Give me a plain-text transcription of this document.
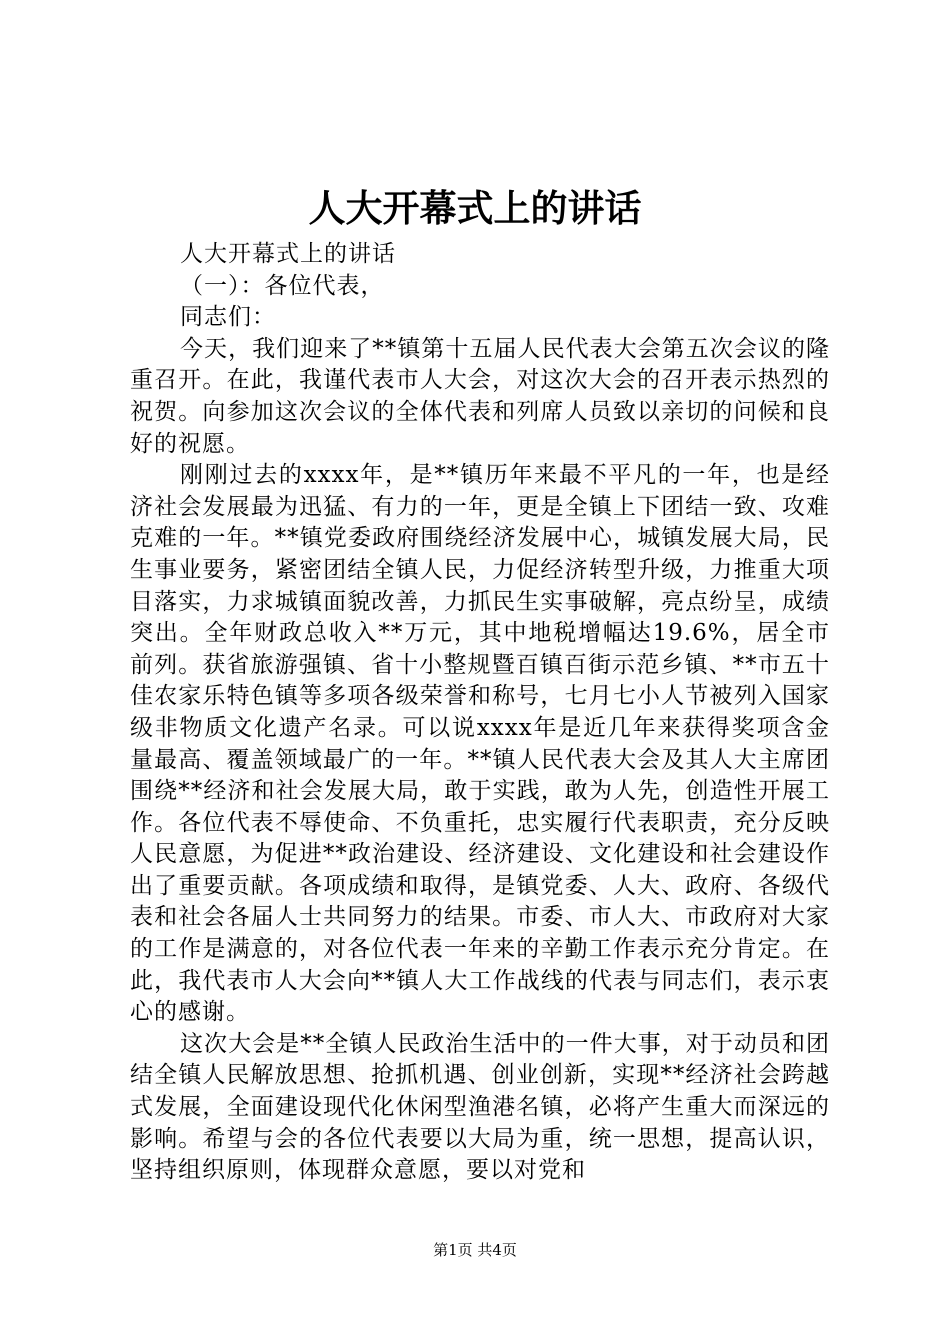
人大开幕式上的讲话

人大开幕式上的讲话

（一）：各位代表，

同志们：

今天，我们迎来了**镇第十五届人民代表大会第五次会议的隆重召开。在此，我谨代表市人大会，对这次大会的召开表示热烈的祝贺。向参加这次会议的全体代表和列席人员致以亲切的问候和良好的祝愿。

刚刚过去的xxxx年，是**镇历年来最不平凡的一年，也是经济社会发展最为迅猛、有力的一年，更是全镇上下团结一致、攻难克难的一年。**镇党委政府围绕经济发展中心，城镇发展大局，民生事业要务，紧密团结全镇人民，力促经济转型升级，力推重大项目落实，力求城镇面貌改善，力抓民生实事破解，亮点纷呈，成绩突出。全年财政总收入**万元，其中地税增幅达19.6%，居全市前列。获省旅游强镇、省十小整规暨百镇百街示范乡镇、**市五十佳农家乐特色镇等多项各级荣誉和称号，七月七小人节被列入国家级非物质文化遗产名录。可以说xxxx年是近几年来获得奖项含金量最高、覆盖领域最广的一年。**镇人民代表大会及其人大主席团围绕**经济和社会发展大局，敢于实践，敢为人先，创造性开展工作。各位代表不辱使命、不负重托，忠实履行代表职责，充分反映人民意愿，为促进**政治建设、经济建设、文化建设和社会建设作出了重要贡献。各项成绩和取得，是镇党委、人大、政府、各级代表和社会各届人士共同努力的结果。市委、市人大、市政府对大家的工作是满意的，对各位代表一年来的辛勤工作表示充分肯定。在此，我代表市人大会向**镇人大工作战线的代表与同志们，表示衷心的感谢。

这次大会是**全镇人民政治生活中的一件大事，对于动员和团结全镇人民解放思想、抢抓机遇、创业创新，实现**经济社会跨越式发展，全面建设现代化休闲型渔港名镇，必将产生重大而深远的影响。希望与会的各位代表要以大局为重，统一思想，提高认识，坚持组织原则，体现群众意愿，要以对党和

第1页 共4页
